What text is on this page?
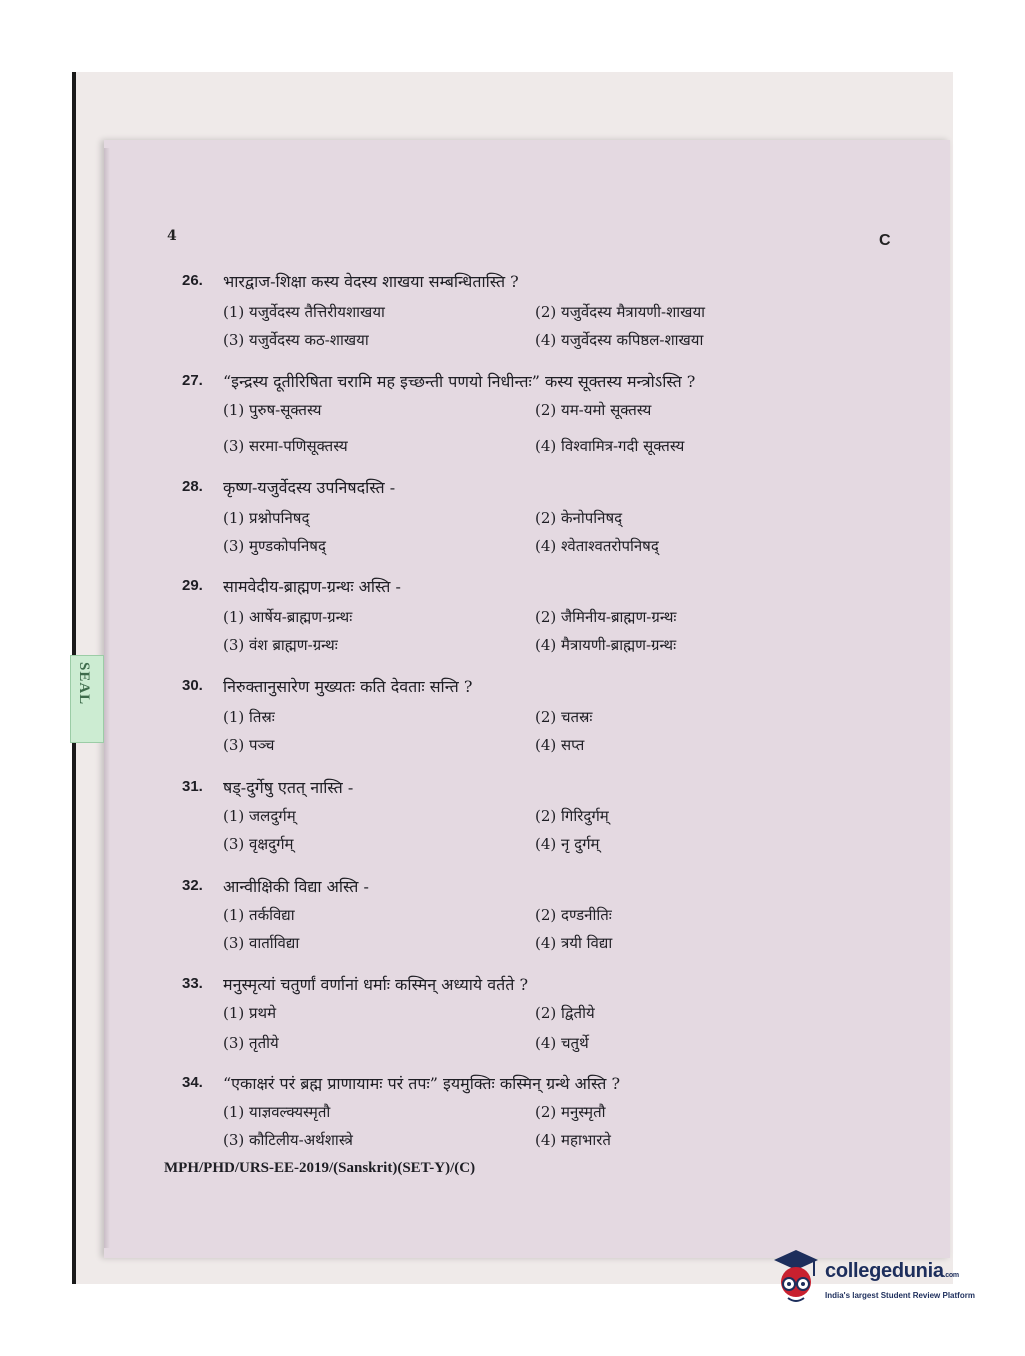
4	C
SEAL
26. भारद्वाज-शिक्षा कस्य वेदस्य शाखया सम्बन्धितास्ति ?
(1) यजुर्वेदस्य तैत्तिरीयशाखया	(2) यजुर्वेदस्य मैत्रायणी-शाखया
(3) यजुर्वेदस्य कठ-शाखया	(4) यजुर्वेदस्य कपिष्ठल-शाखया
27. “इन्द्रस्य दूतीरिषिता चरामि मह इच्छन्ती पणयो निधीन्तः” कस्य सूक्तस्य मन्त्रोऽस्ति ?
(1) पुरुष-सूक्तस्य	(2) यम-यमो सूक्तस्य
(3) सरमा-पणिसूक्तस्य	(4) विश्वामित्र-गदी सूक्तस्य
28. कृष्ण-यजुर्वेदस्य उपनिषदस्ति -
(1) प्रश्नोपनिषद्	(2) केनोपनिषद्
(3) मुण्डकोपनिषद्	(4) श्वेताश्वतरोपनिषद्
29. सामवेदीय-ब्राह्मण-ग्रन्थः अस्ति -
(1) आर्षेय-ब्राह्मण-ग्रन्थः	(2) जैमिनीय-ब्राह्मण-ग्रन्थः
(3) वंश ब्राह्मण-ग्रन्थः	(4) मैत्रायणी-ब्राह्मण-ग्रन्थः
30. निरुक्तानुसारेण मुख्यतः कति देवताः सन्ति ?
(1) तिस्रः	(2) चतस्रः
(3) पञ्च	(4) सप्त
31. षड्-दुर्गेषु एतत् नास्ति -
(1) जलदुर्गम्	(2) गिरिदुर्गम्
(3) वृक्षदुर्गम्	(4) नृ दुर्गम्
32. आन्वीक्षिकी विद्या अस्ति -
(1) तर्कविद्या	(2) दण्डनीतिः
(3) वार्ताविद्या	(4) त्रयी विद्या
33. मनुस्मृत्यां चतुर्णां वर्णानां धर्माः कस्मिन् अध्याये वर्तते ?
(1) प्रथमे	(2) द्वितीये
(3) तृतीये	(4) चतुर्थे
34. “एकाक्षरं परं ब्रह्म प्राणायामः परं तपः” इयमुक्तिः कस्मिन् ग्रन्थे अस्ति ?
(1) याज्ञवल्क्यस्मृतौ	(2) मनुस्मृतौ
(3) कौटिलीय-अर्थशास्त्रे	(4) महाभारते
MPH/PHD/URS-EE-2019/(Sanskrit)(SET-Y)/(C)
collegedunia.com
India's largest Student Review Platform
